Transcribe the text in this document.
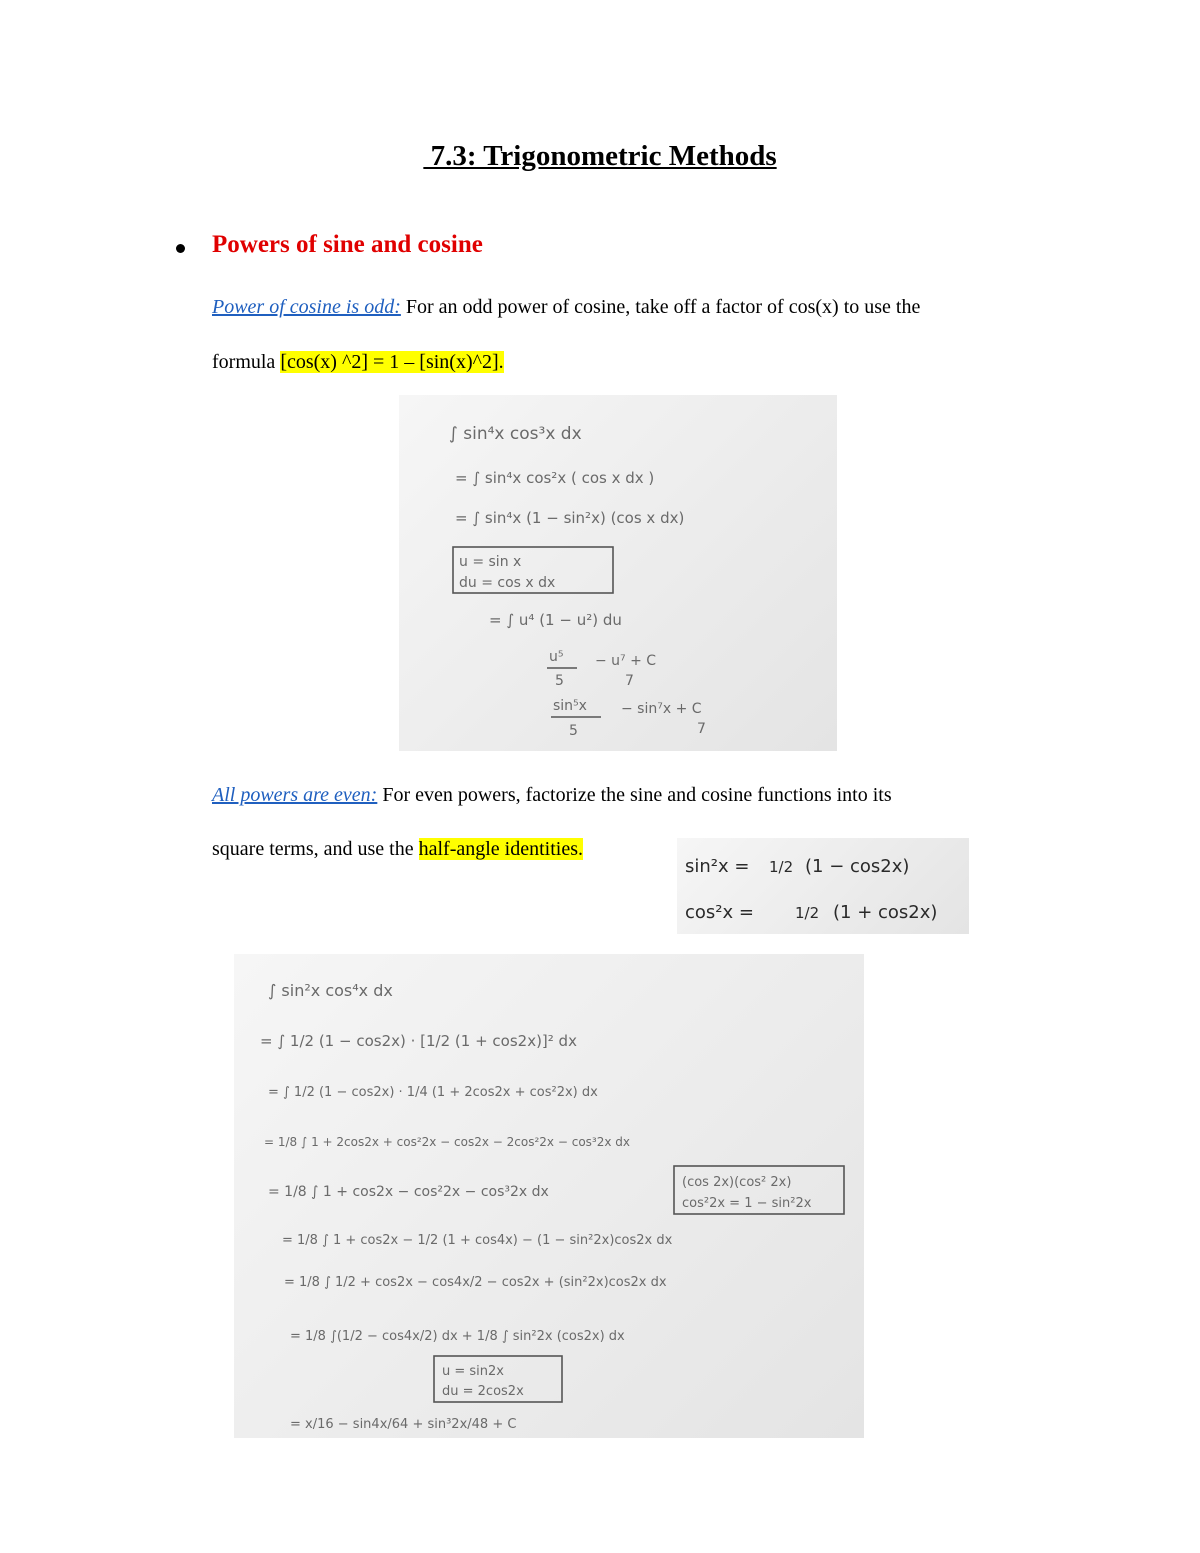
7.3: Trigonometric Methods
Powers of sine and cosine
Power of cosine is odd: For an odd power of cosine, take off a factor of cos(x) to use the
formula [cos(x) ^2] = 1 – [sin(x)^2].
∫ sin⁴x cos³x dx
= ∫ sin⁴x cos²x ( cos x dx )
= ∫ sin⁴x (1 − sin²x) (cos x dx)
u = sin x
du = cos x dx
= ∫ u⁴ (1 − u²) du
u⁵
5
− u⁷ + C
7
sin⁵x
5
− sin⁷x + C
7
All powers are even: For even powers, factorize the sine and cosine functions into its
square terms, and use the half-angle identities.
sin²x = 1/2 (1 − cos2x)
cos²x =	1/2 (1 + cos2x)
∫ sin²x cos⁴x dx
= ∫ 1/2 (1 − cos2x) · [1/2 (1 + cos2x)]² dx
= ∫ 1/2 (1 − cos2x) · 1/4 (1 + 2cos2x + cos²2x) dx
= 1/8 ∫ 1 + 2cos2x + cos²2x − cos2x − 2cos²2x − cos³2x dx
= 1/8 ∫ 1 + cos2x − cos²2x − cos³2x dx
(cos 2x)(cos² 2x)
cos²2x = 1 − sin²2x
= 1/8 ∫ 1 + cos2x − 1/2 (1 + cos4x) − (1 − sin²2x)cos2x dx
= 1/8 ∫ 1/2 + cos2x − cos4x/2 − cos2x + (sin²2x)cos2x dx
= 1/8 ∫(1/2 − cos4x/2) dx + 1/8 ∫ sin²2x (cos2x) dx
u = sin2x
du = 2cos2x
= x/16 − sin4x/64 + sin³2x/48 + C
